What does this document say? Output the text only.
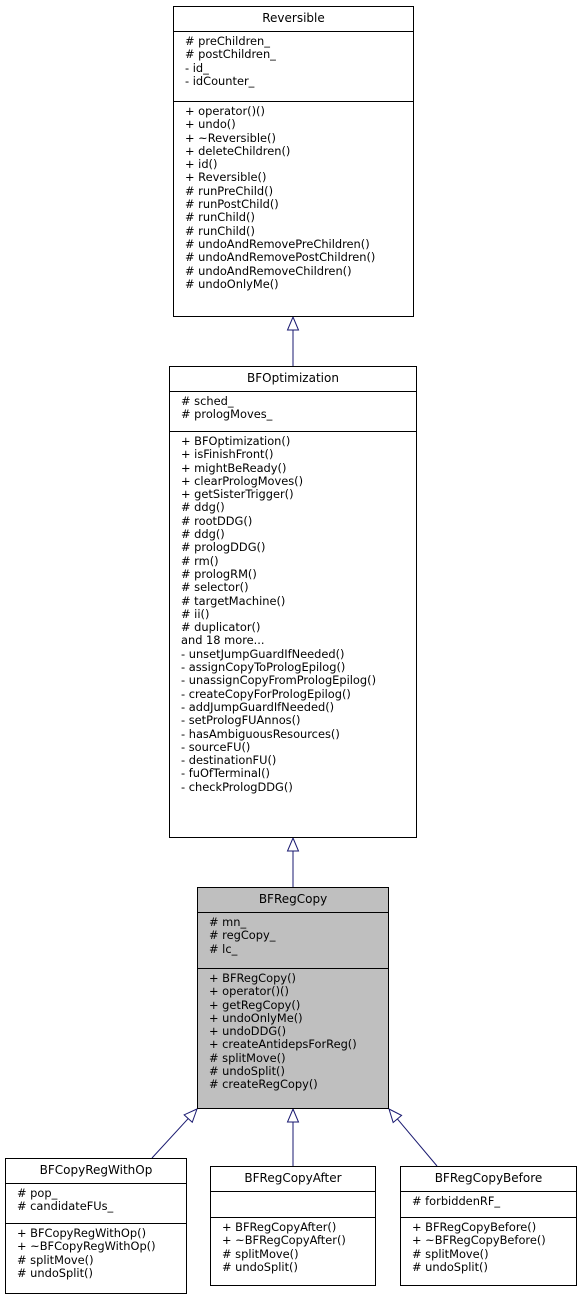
Reversible
# preChildren_
# postChildren_
- id_
- idCounter_
+ operator()()
+ undo()
+ ~Reversible()
+ deleteChildren()
+ id()
+ Reversible()
# runPreChild()
# runPostChild()
# runChild()
# runChild()
# undoAndRemovePreChildren()
# undoAndRemovePostChildren()
# undoAndRemoveChildren()
# undoOnlyMe()
BFOptimization
# sched_
# prologMoves_
+ BFOptimization()
+ isFinishFront()
+ mightBeReady()
+ clearPrologMoves()
+ getSisterTrigger()
# ddg()
# rootDDG()
# ddg()
# prologDDG()
# rm()
# prologRM()
# selector()
# targetMachine()
# ii()
# duplicator()
and 18 more...
- unsetJumpGuardIfNeeded()
- assignCopyToPrologEpilog()
- unassignCopyFromPrologEpilog()
- createCopyForPrologEpilog()
- addJumpGuardIfNeeded()
- setPrologFUAnnos()
- hasAmbiguousResources()
- sourceFU()
- destinationFU()
- fuOfTerminal()
- checkPrologDDG()
BFRegCopy
# mn_
# regCopy_
# lc_
+ BFRegCopy()
+ operator()()
+ getRegCopy()
+ undoOnlyMe()
+ undoDDG()
+ createAntidepsForReg()
# splitMove()
# undoSplit()
# createRegCopy()
BFCopyRegWithOp
# pop_
# candidateFUs_
+ BFCopyRegWithOp()
+ ~BFCopyRegWithOp()
# splitMove()
# undoSplit()
BFRegCopyAfter
+ BFRegCopyAfter()
+ ~BFRegCopyAfter()
# splitMove()
# undoSplit()
BFRegCopyBefore
# forbiddenRF_
+ BFRegCopyBefore()
+ ~BFRegCopyBefore()
# splitMove()
# undoSplit()
